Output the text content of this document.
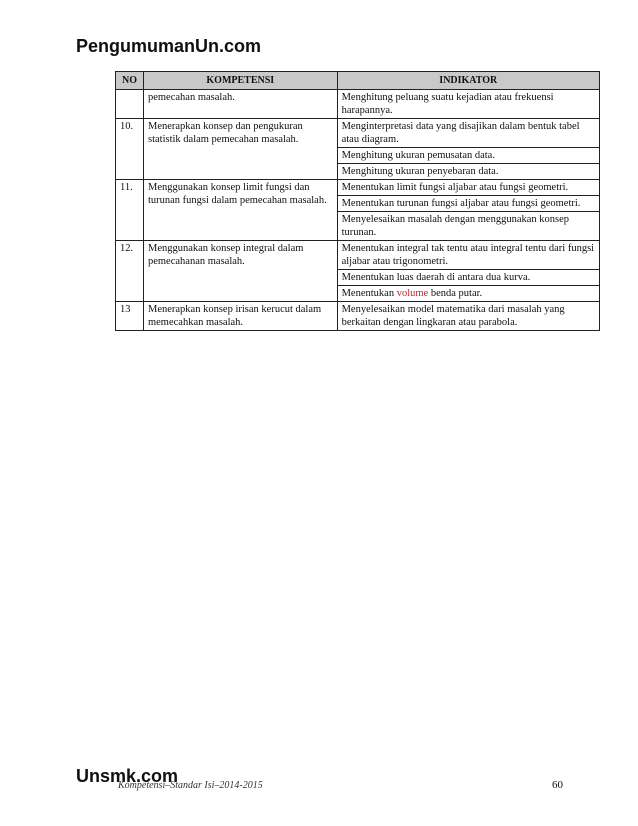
PengumumanUn.com
NO	KOMPETENSI	INDIKATOR
	pemecahan masalah.	Menghitung peluang suatu kejadian atau frekuensi harapannya.
10.	Menerapkan konsep dan pengukuran statistik dalam pemecahan masalah.	Menginterpretasi data yang disajikan dalam bentuk tabel atau diagram.
		Menghitung ukuran pemusatan data.
		Menghitung ukuran penyebaran data.
11.	Menggunakan konsep limit fungsi dan turunan fungsi dalam pemecahan masalah.	Menentukan limit fungsi aljabar atau fungsi geometri.
		Menentukan turunan fungsi aljabar atau fungsi geometri.
		Menyelesaikan masalah dengan menggunakan konsep turunan.
12.	Menggunakan konsep integral dalam pemecahanan masalah.	Menentukan integral tak tentu atau integral tentu dari fungsi aljabar atau trigonometri.
		Menentukan luas daerah di antara dua kurva.
		Menentukan volume benda putar.
13	Menerapkan konsep irisan kerucut dalam memecahkan masalah.	Menyelesaikan model matematika dari masalah yang berkaitan dengan lingkaran atau parabola.
Unsmk.com
Kompetensi–Standar Isi–2014-2015	60
